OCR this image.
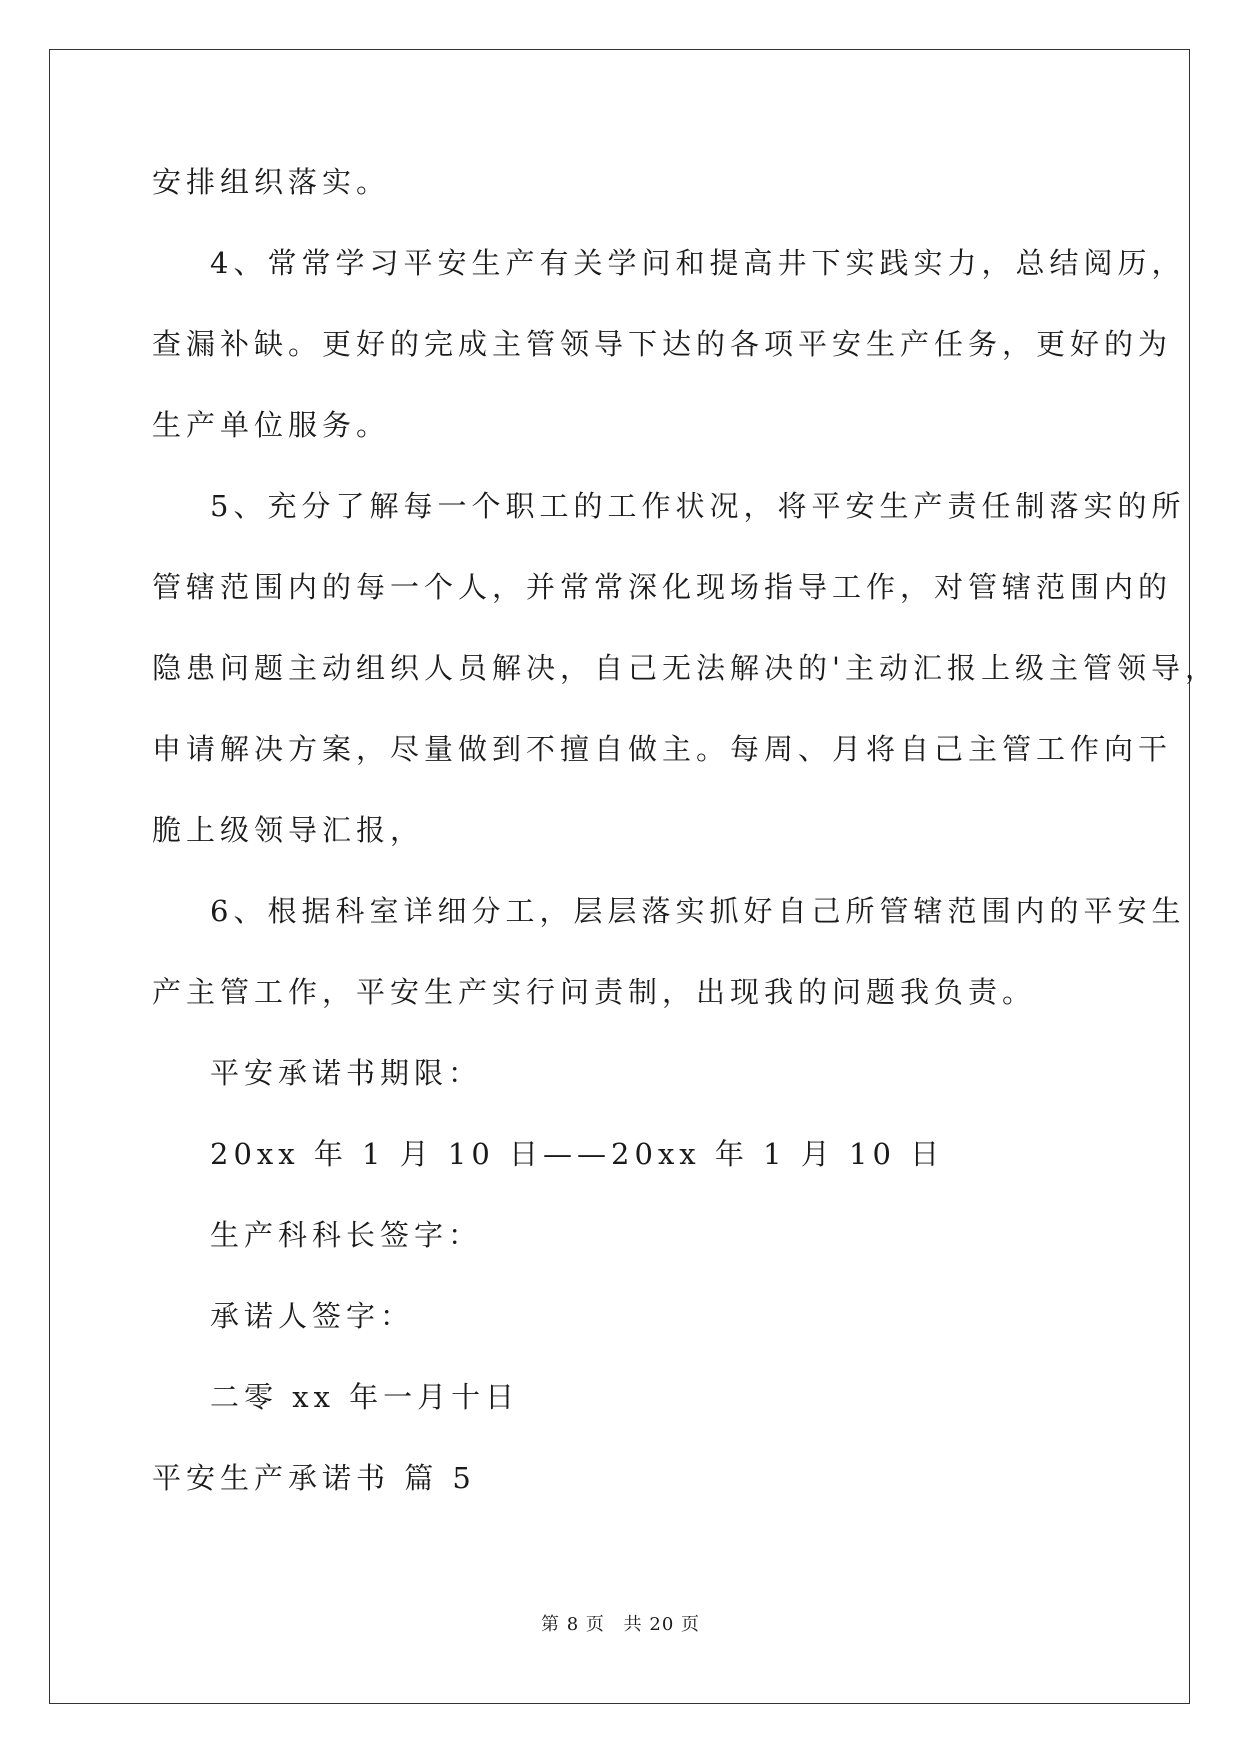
安排组织落实。
4、常常学习平安生产有关学问和提高井下实践实力，总结阅历，
查漏补缺。更好的完成主管领导下达的各项平安生产任务，更好的为
生产单位服务。
5、充分了解每一个职工的工作状况，将平安生产责任制落实的所
管辖范围内的每一个人，并常常深化现场指导工作，对管辖范围内的
隐患问题主动组织人员解决，自己无法解决的'主动汇报上级主管领导，
申请解决方案，尽量做到不擅自做主。每周、月将自己主管工作向干
脆上级领导汇报，
6、根据科室详细分工，层层落实抓好自己所管辖范围内的平安生
产主管工作，平安生产实行问责制，出现我的问题我负责。
平安承诺书期限：
20xx 年 1 月 10 日——20xx 年 1 月 10 日
生产科科长签字：
承诺人签字：
二零 xx 年一月十日
平安生产承诺书 篇 5
第 8 页 共 20 页
